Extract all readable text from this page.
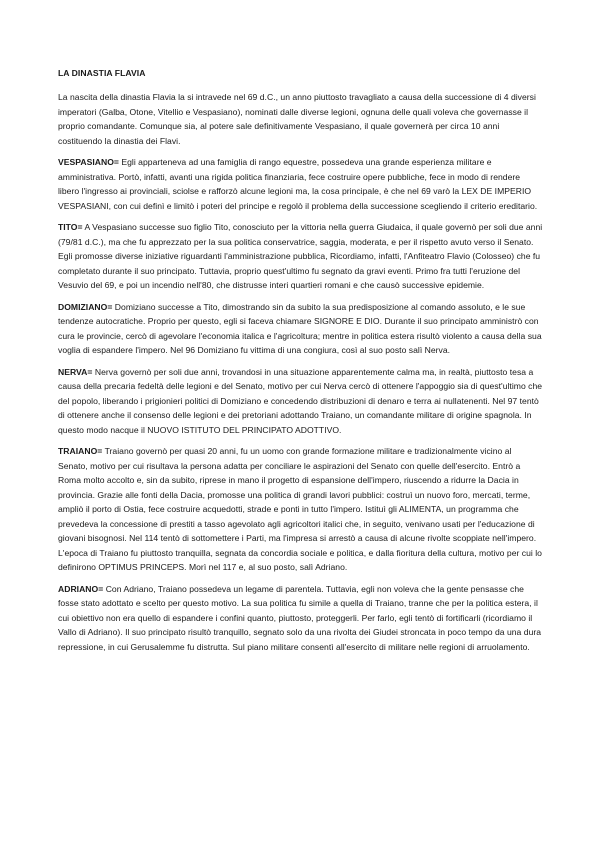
LA DINASTIA FLAVIA

La nascita della dinastia Flavia la si intravede nel 69 d.C., un anno piuttosto travagliato a causa della successione di 4 diversi imperatori (Galba, Otone, Vitellio e Vespasiano), nominati dalle diverse legioni, ognuna delle quali voleva che governasse il proprio comandante. Comunque sia, al potere sale definitivamente Vespasiano, il quale governerà per circa 10 anni costituendo la dinastia dei Flavi.

VESPASIANO= Egli apparteneva ad una famiglia di rango equestre, possedeva una grande esperienza militare e amministrativa. Portò, infatti, avanti una rigida politica finanziaria, fece costruire opere pubbliche, fece in modo di rendere libero l'ingresso ai provinciali, sciolse e rafforzò alcune legioni ma, la cosa principale, è che nel 69 varò la LEX DE IMPERIO VESPASIANI, con cui definì e limitò i poteri del principe e regolò il problema della successione scegliendo il criterio ereditario.

TITO= A Vespasiano successe suo figlio Tito, conosciuto per la vittoria nella guerra Giudaica, il quale governò per soli due anni (79/81 d.C.), ma che fu apprezzato per la sua politica conservatrice, saggia, moderata, e per il rispetto avuto verso il Senato. Egli promosse diverse iniziative riguardanti l'amministrazione pubblica, Ricordiamo, infatti, l'Anfiteatro Flavio (Colosseo) che fu completato durante il suo principato. Tuttavia, proprio quest'ultimo fu segnato da gravi eventi. Primo fra tutti l'eruzione del Vesuvio del 69, e poi un incendio nell'80, che distrusse interi quartieri romani e che causò successive epidemie.

DOMIZIANO= Domiziano successe a Tito, dimostrando sin da subito la sua predisposizione al comando assoluto, e le sue tendenze autocratiche. Proprio per questo, egli si faceva chiamare SIGNORE E DIO. Durante il suo principato amministrò con cura le provincie, cercò di agevolare l'economia italica e l'agricoltura; mentre in politica estera risultò violento a causa della sua voglia di espandere l'impero. Nel 96 Domiziano fu vittima di una congiura, così al suo posto salì Nerva.

NERVA= Nerva governò per soli due anni, trovandosi in una situazione apparentemente calma ma, in realtà, piuttosto tesa a causa della precaria fedeltà delle legioni e del Senato, motivo per cui Nerva cercò di ottenere l'appoggio sia di quest'ultimo che del popolo, liberando i prigionieri politici di Domiziano e concedendo distribuzioni di denaro e terra ai nullatenenti. Nel 97 tentò di ottenere anche il consenso delle legioni e dei pretoriani adottando Traiano, un comandante militare di origine spagnola. In questo modo nacque il NUOVO ISTITUTO DEL PRINCIPATO ADOTTIVO.

TRAIANO= Traiano governò per quasi 20 anni, fu un uomo con grande formazione militare e tradizionalmente vicino al Senato, motivo per cui risultava la persona adatta per conciliare le aspirazioni del Senato con quelle dell'esercito. Entrò a Roma molto accolto e, sin da subito, riprese in mano il progetto di espansione dell'impero, riuscendo a ridurre la Dacia in provincia. Grazie alle fonti della Dacia, promosse una politica di grandi lavori pubblici: costruì un nuovo foro, mercati, terme, ampliò il porto di Ostia, fece costruire acquedotti, strade e ponti in tutto l'impero. Istituì gli ALIMENTA, un programma che prevedeva la concessione di prestiti a tasso agevolato agli agricoltori italici che, in seguito, venivano usati per l'educazione di giovani bisognosi. Nel 114 tentò di sottomettere i Parti, ma l'impresa si arrestò a causa di alcune rivolte scoppiate nell'impero. L'epoca di Traiano fu piuttosto tranquilla, segnata da concordia sociale e politica, e dalla fioritura della cultura, motivo per cui lo definirono OPTIMUS PRINCEPS. Morì nel 117 e, al suo posto, salì Adriano.

ADRIANO= Con Adriano, Traiano possedeva un legame di parentela. Tuttavia, egli non voleva che la gente pensasse che fosse stato adottato e scelto per questo motivo. La sua politica fu simile a quella di Traiano, tranne che per la politica estera, il cui obiettivo non era quello di espandere i confini quanto, piuttosto, proteggerli. Per farlo, egli tentò di fortificarli (ricordiamo il Vallo di Adriano). Il suo principato risultò tranquillo, segnato solo da una rivolta dei Giudei stroncata in poco tempo da una dura repressione, in cui Gerusalemme fu distrutta. Sul piano militare consentì all'esercito di militare nelle regioni di arruolamento.
